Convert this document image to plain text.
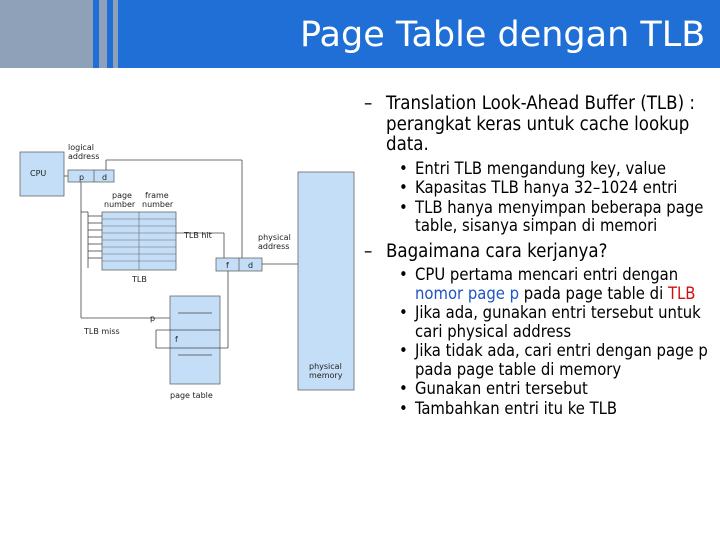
Page Table dengan TLB
CPU
logical
address
p d
page
number
frame
number
TLB
TLB hit
f d
physical
address
physical
memory
TLB miss
f
p
page table
– Translation Look-Ahead Buffer (TLB) : perangkat keras untuk cache lookup data.
• Entri TLB mengandung key, value
• Kapasitas TLB hanya 32–1024 entri
• TLB hanya menyimpan beberapa page table, sisanya simpan di memori
– Bagaimana cara kerjanya?
• CPU pertama mencari entri dengan nomor page p pada page table di TLB
• Jika ada, gunakan entri tersebut untuk cari physical address
• Jika tidak ada, cari entri dengan page p pada page table di memory
• Gunakan entri tersebut
• Tambahkan entri itu ke TLB
